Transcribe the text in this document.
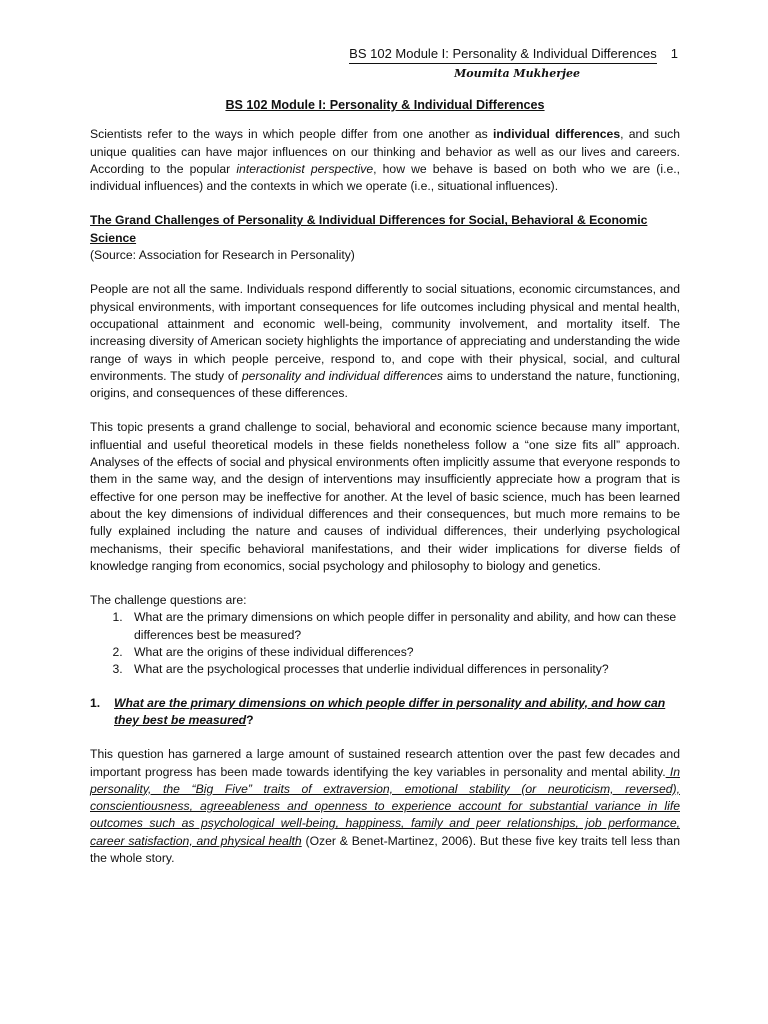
BS 102 Module I: Personality & Individual Differences 1
Moumita Mukherjee
BS 102 Module I: Personality & Individual Differences

Scientists refer to the ways in which people differ from one another as individual differences, and such unique qualities can have major influences on our thinking and behavior as well as our lives and careers. According to the popular interactionist perspective, how we behave is based on both who we are (i.e., individual influences) and the contexts in which we operate (i.e., situational influences).

The Grand Challenges of Personality & Individual Differences for Social, Behavioral & Economic Science
(Source: Association for Research in Personality)

People are not all the same. Individuals respond differently to social situations, economic circumstances, and physical environments, with important consequences for life outcomes including physical and mental health, occupational attainment and economic well-being, community involvement, and mortality itself. The increasing diversity of American society highlights the importance of appreciating and understanding the wide range of ways in which people perceive, respond to, and cope with their physical, social, and cultural environments. The study of personality and individual differences aims to understand the nature, functioning, origins, and consequences of these differences.

This topic presents a grand challenge to social, behavioral and economic science because many important, influential and useful theoretical models in these fields nonetheless follow a “one size fits all” approach. Analyses of the effects of social and physical environments often implicitly assume that everyone responds to them in the same way, and the design of interventions may insufficiently appreciate how a program that is effective for one person may be ineffective for another. At the level of basic science, much has been learned about the key dimensions of individual differences and their consequences, but much more remains to be fully explained including the nature and causes of individual differences, their underlying psychological mechanisms, their specific behavioral manifestations, and their wider implications for diverse fields of knowledge ranging from economics, social psychology and philosophy to biology and genetics.

The challenge questions are:
1. What are the primary dimensions on which people differ in personality and ability, and how can these differences best be measured?
2. What are the origins of these individual differences?
3. What are the psychological processes that underlie individual differences in personality?
1.	What are the primary dimensions on which people differ in personality and ability, and how can they best be measured?

This question has garnered a large amount of sustained research attention over the past few decades and important progress has been made towards identifying the key variables in personality and mental ability. In personality, the “Big Five” traits of extraversion, emotional stability (or neuroticism, reversed), conscientiousness, agreeableness and openness to experience account for substantial variance in life outcomes such as psychological well-being, happiness, family and peer relationships, job performance, career satisfaction, and physical health (Ozer & Benet-Martinez, 2006). But these five key traits tell less than the whole story.
